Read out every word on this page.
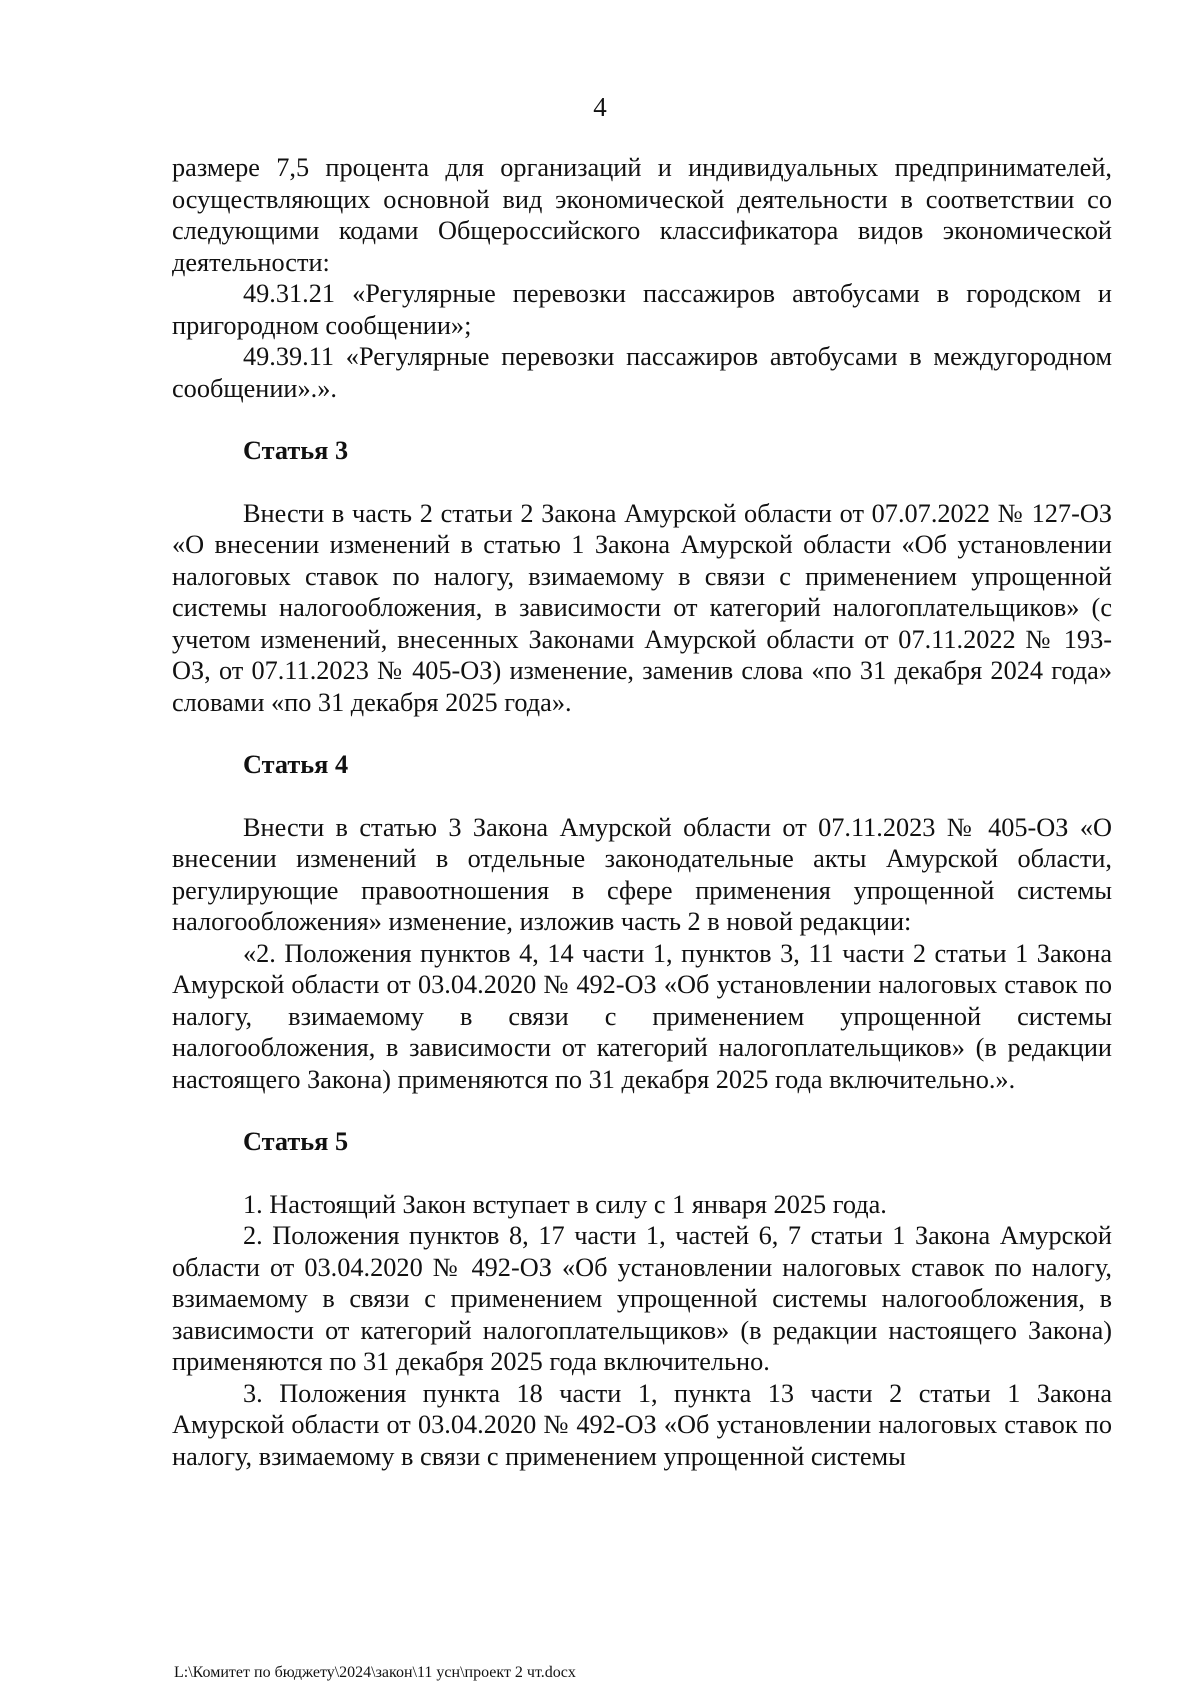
4

размере 7,5 процента для организаций и индивидуальных предпринимателей, осуществляющих основной вид экономической деятельности в соответствии со следующими кодами Общероссийского классификатора видов экономической деятельности:

49.31.21 «Регулярные перевозки пассажиров автобусами в городском и пригородном сообщении»;

49.39.11 «Регулярные перевозки пассажиров автобусами в междугородном сообщении».».

Статья 3

Внести в часть 2 статьи 2 Закона Амурской области от 07.07.2022 № 127-ОЗ «О внесении изменений в статью 1 Закона Амурской области «Об установлении налоговых ставок по налогу, взимаемому в связи с применением упрощенной системы налогообложения, в зависимости от категорий налогоплательщиков» (с учетом изменений, внесенных Законами Амурской области от 07.11.2022 № 193-ОЗ, от 07.11.2023 № 405-ОЗ) изменение, заменив слова «по 31 декабря 2024 года» словами «по 31 декабря 2025 года».

Статья 4

Внести в статью 3 Закона Амурской области от 07.11.2023 № 405-ОЗ «О внесении изменений в отдельные законодательные акты Амурской области, регулирующие правоотношения в сфере применения упрощенной системы налогообложения» изменение, изложив часть 2 в новой редакции:

«2. Положения пунктов 4, 14 части 1, пунктов 3, 11 части 2 статьи 1 Закона Амурской области от 03.04.2020 № 492-ОЗ «Об установлении налоговых ставок по налогу, взимаемому в связи с применением упрощенной системы налогообложения, в зависимости от категорий налогоплательщиков» (в редакции настоящего Закона) применяются по 31 декабря 2025 года включительно.».

Статья 5

1. Настоящий Закон вступает в силу с 1 января 2025 года.

2. Положения пунктов 8, 17 части 1, частей 6, 7 статьи 1 Закона Амурской области от 03.04.2020 № 492-ОЗ «Об установлении налоговых ставок по налогу, взимаемому в связи с применением упрощенной системы налогообложения, в зависимости от категорий налогоплательщиков» (в редакции настоящего Закона) применяются по 31 декабря 2025 года включительно.

3. Положения пункта 18 части 1, пункта 13 части 2 статьи 1 Закона Амурской области от 03.04.2020 № 492-ОЗ «Об установлении налоговых ставок по налогу, взимаемому в связи с применением упрощенной системы

L:\Комитет по бюджету\2024\закон\11 усн\проект 2 чт.docx
